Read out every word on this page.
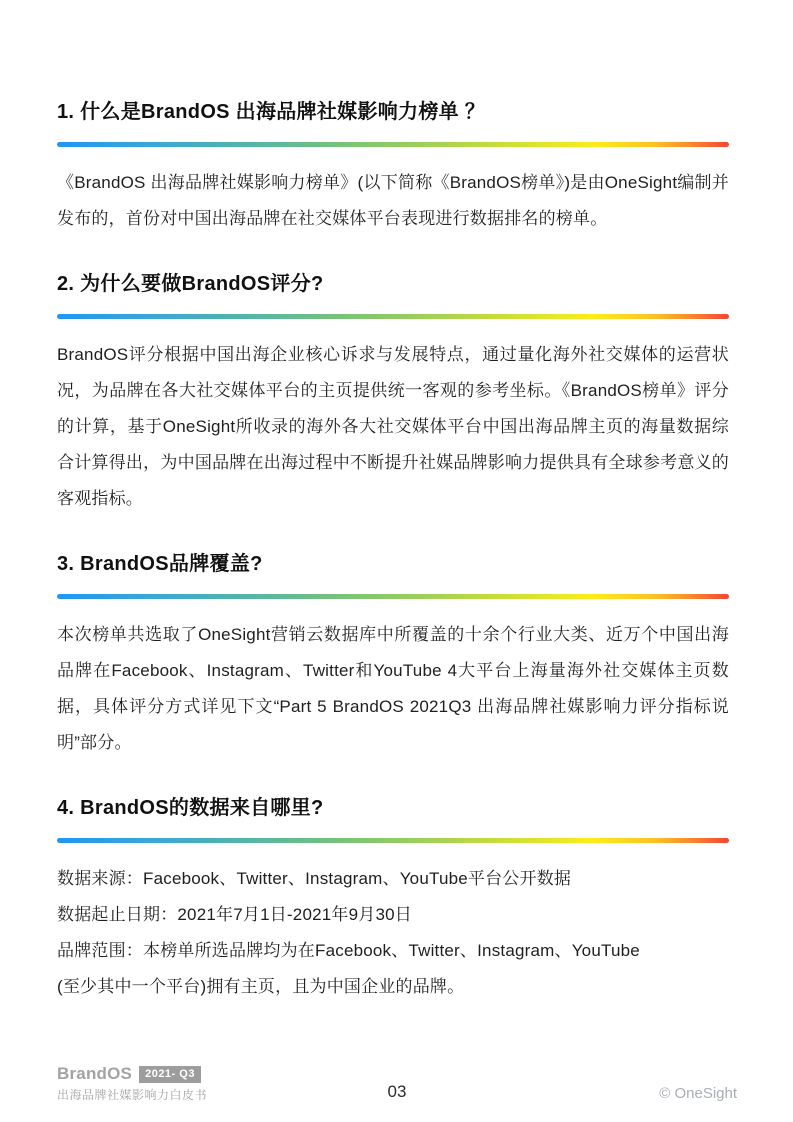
1. 什么是BrandOS 出海品牌社媒影响力榜单 ？

《BrandOS 出海品牌社媒影响力榜单》(以下简称《BrandOS榜单》)是由OneSight编制并发布的，首份对中国出海品牌在社交媒体平台表现进行数据排名的榜单。

2. 为什么要做BrandOS评分?

BrandOS评分根据中国出海企业核心诉求与发展特点，通过量化海外社交媒体的运营状况，为品牌在各大社交媒体平台的主页提供统一客观的参考坐标。《BrandOS榜单》评分的计算，基于OneSight所收录的海外各大社交媒体平台中国出海品牌主页的海量数据综合计算得出，为中国品牌在出海过程中不断提升社媒品牌影响力提供具有全球参考意义的客观指标。

3. BrandOS品牌覆盖?

本次榜单共选取了OneSight营销云数据库中所覆盖的十余个行业大类、近万个中国出海品牌在Facebook、Instagram、Twitter和YouTube 4大平台上海量海外社交媒体主页数据，具体评分方式详见下文“Part 5 BrandOS 2021Q3 出海品牌社媒影响力评分指标说明”部分。

4. BrandOS的数据来自哪里?
数据来源：Facebook、Twitter、Instagram、YouTube平台公开数据
数据起止日期：2021年7月1日-2021年9月30日
品牌范围：本榜单所选品牌均为在Facebook、Twitter、Instagram、YouTube
(至少其中一个平台)拥有主页，且为中国企业的品牌。
BrandOS	2021- Q3
出海品牌社媒影响力白皮书	03	© OneSight
